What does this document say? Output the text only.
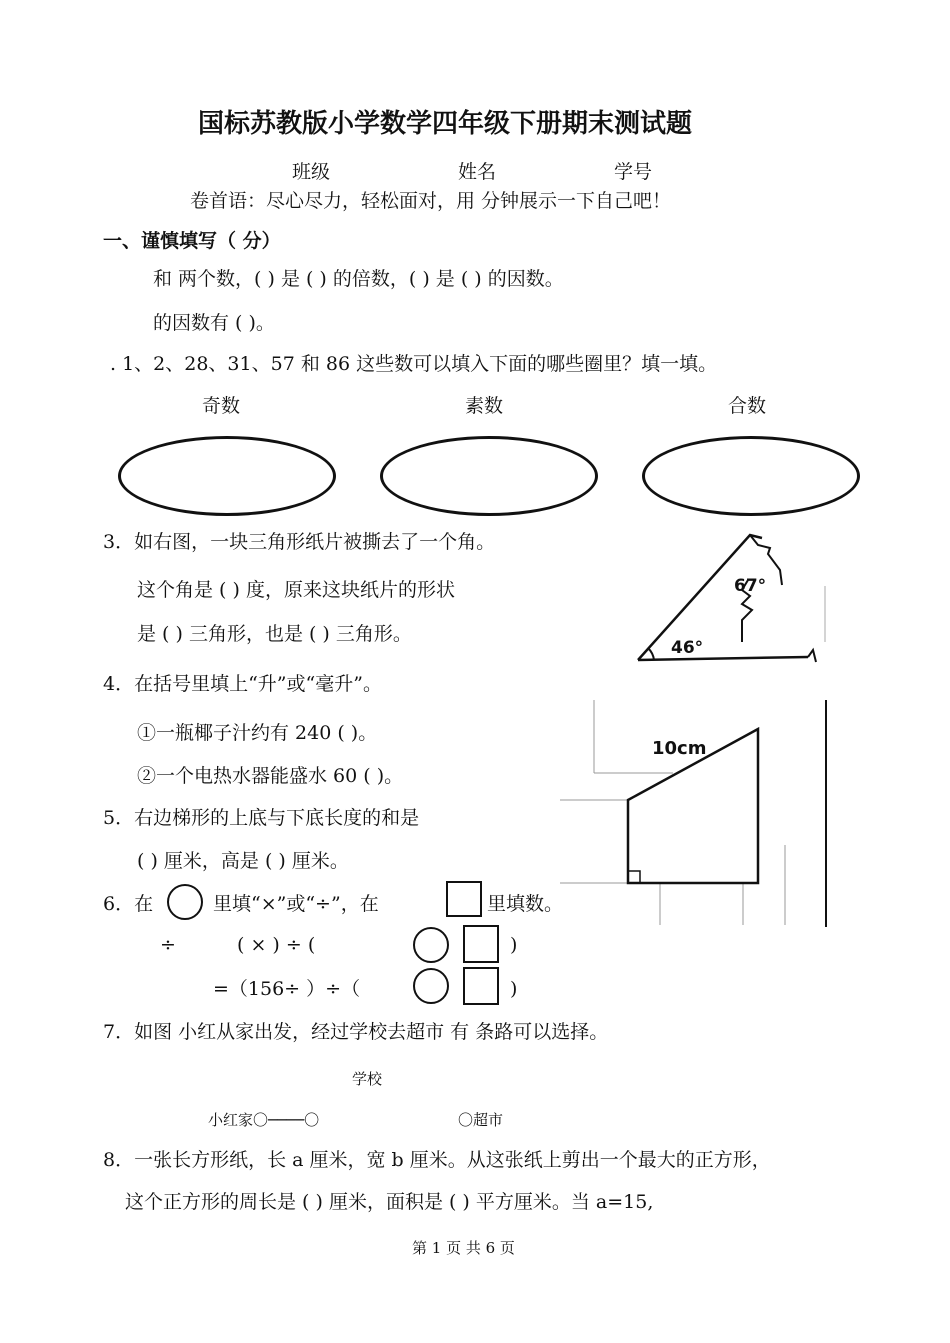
国标苏教版小学数学四年级下册期末测试题
班级	姓名	学号
卷首语：尽心尽力，轻松面对，用 分钟展示一下自己吧！
一、谨慎填写（ 分）
和 两个数，( ) 是 ( ) 的倍数，( ) 是 ( ) 的因数。
的因数有 ( )。
. 1、2、28、31、57 和 86 这些数可以填入下面的哪些圈里？填一填。
奇数	素数	合数
3．如右图，一块三角形纸片被撕去了一个角。
这个角是 ( ) 度，原来这块纸片的形状
是 ( ) 三角形，也是 ( ) 三角形。
67°
46°
4．在括号里填上“升”或“毫升”。
①一瓶椰子汁约有 240 ( )。
②一个电热水器能盛水 60 ( )。
10cm
5．右边梯形的上底与下底长度的和是
( ) 厘米，高是 ( ) 厘米。
6．在	里填“×”或“÷”，在	里填数。
÷	( × ) ÷ (	)
=（156÷ ）÷（	)
7．如图 小红从家出发，经过学校去超市 有 条路可以选择。
学校
小红家〇────〇	〇超市
8．一张长方形纸，长 a 厘米，宽 b 厘米。从这张纸上剪出一个最大的正方形，
这个正方形的周长是 ( ) 厘米，面积是 ( ) 平方厘米。当 a=15,
第 1 页 共 6 页
